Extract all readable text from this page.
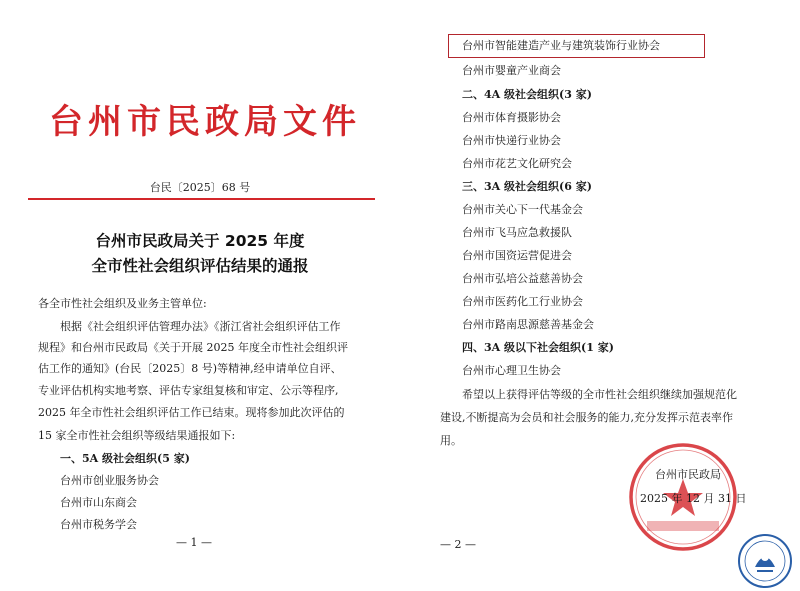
台州市民政局文件
台民〔2025〕68 号
台州市民政局关于 2025 年度
全市性社会组织评估结果的通报
各全市性社会组织及业务主管单位:
根据《社会组织评估管理办法》《浙江省社会组织评估工作
规程》和台州市民政局《关于开展 2025 年度全市性社会组织评
估工作的通知》(台民〔2025〕8 号)等精神,经申请单位自评、
专业评估机构实地考察、评估专家组复核和审定、公示等程序,
2025 年全市性社会组织评估工作已结束。现将参加此次评估的
15 家全市性社会组织等级结果通报如下:
一、5A 级社会组织(5 家)
台州市创业服务协会
台州市山东商会
台州市税务学会
— 1 —
台州市智能建造产业与建筑装饰行业协会
台州市婴童产业商会
二、4A 级社会组织(3 家)
台州市体育摄影协会
台州市快递行业协会
台州市花艺文化研究会
三、3A 级社会组织(6 家)
台州市关心下一代基金会
台州市飞马应急救援队
台州市国资运营促进会
台州市弘培公益慈善协会
台州市医药化工行业协会
台州市路南思源慈善基金会
四、3A 级以下社会组织(1 家)
台州市心理卫生协会
希望以上获得评估等级的全市性社会组织继续加强规范化
建设,不断提高为会员和社会服务的能力,充分发挥示范表率作
用。
台州市民政局
2025 年 12 月 31 日
— 2 —
